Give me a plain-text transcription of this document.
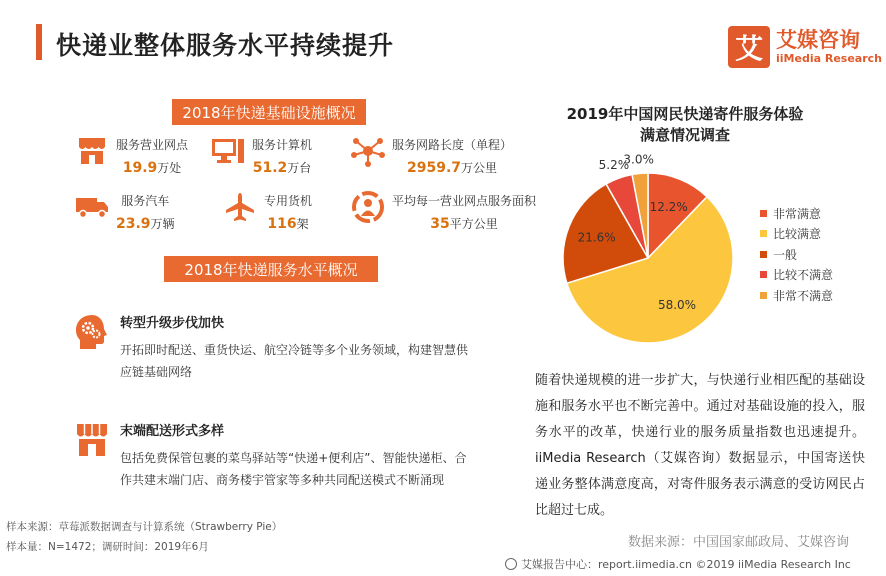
快递业整体服务水平持续提升	艾 艾媒咨询
iiMedia Research
2018年快递基础设施概况
服务营业网点
19.9万处
服务计算机
51.2万台
服务网路长度（单程）
2959.7万公里
服务汽车
23.9万辆
专用货机
116架
平均每一营业网点服务面积
35平方公里
2018年快递服务水平概况
转型升级步伐加快
开拓即时配送、重货快运、航空冷链等多个业务领域，构建智慧供应链基础网络
末端配送形式多样
包括免费保管包裹的菜鸟驿站等“快递+便利店”、智能快递柜、合作共建末端门店、商务楼宇管家等多种共同配送模式不断涌现
样本来源：草莓派数据调查与计算系统（Strawberry Pie）
样本量：N=1472；调研时间：2019年6月
2019年中国网民快递寄件服务体验
满意情况调查
12.2%
58.0%
21.6%
5.2%
3.0%
非常满意
比较满意
一般
比较不满意
非常不满意
随着快递规模的进一步扩大，与快递行业相匹配的基础设施和服务水平也不断完善中。通过对基础设施的投入，服务水平的改革，快递行业的服务质量指数也迅速提升。iiMedia Research（艾媒咨询）数据显示，中国寄送快递业务整体满意度高，对寄件服务表示满意的受访网民占比超过七成。
数据来源：中国国家邮政局、艾媒咨询
艾媒报告中心：report.iimedia.cn ©2019 iiMedia Research Inc
